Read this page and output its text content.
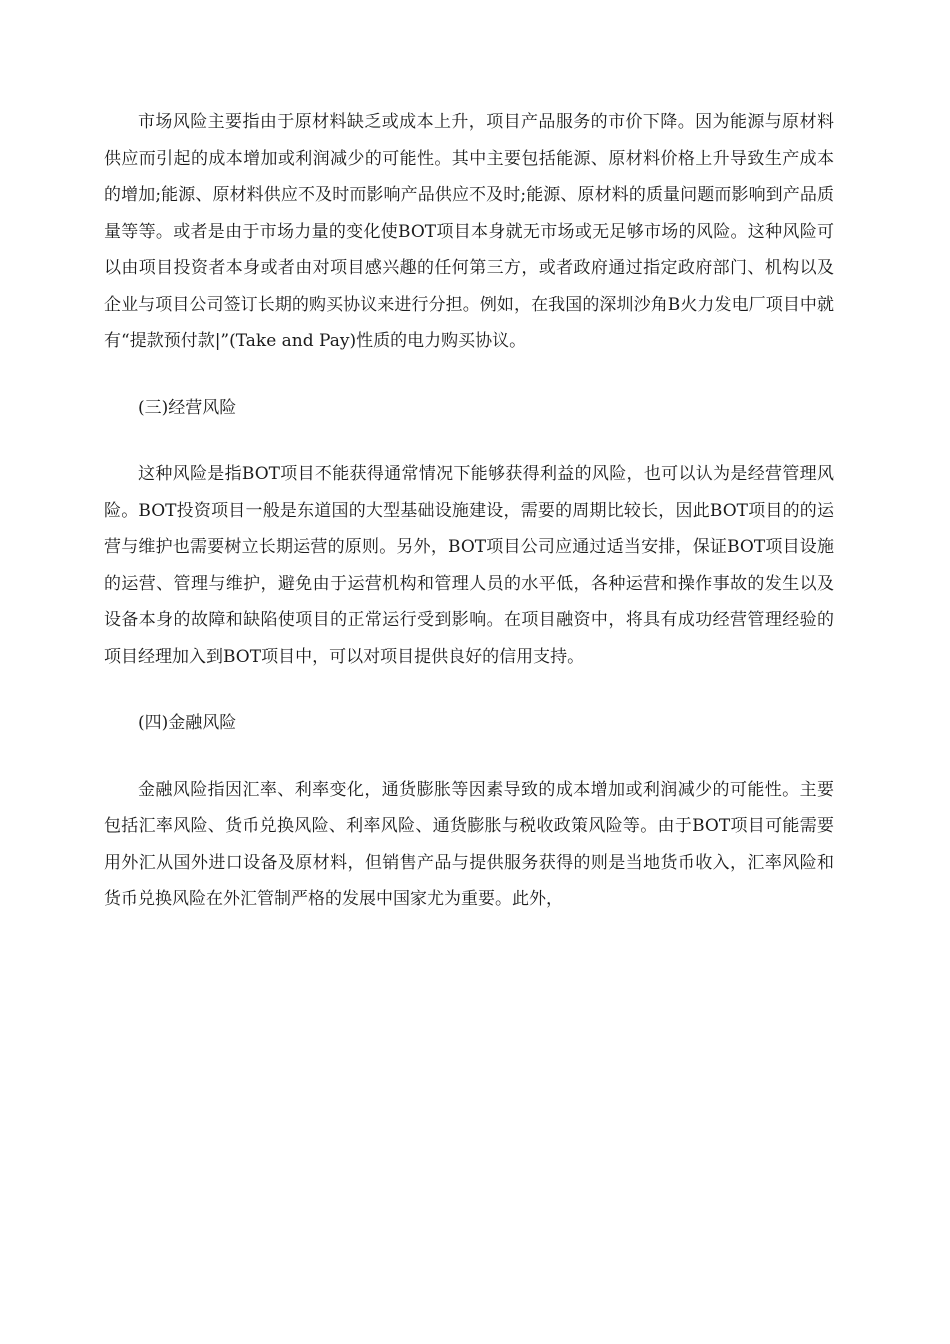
市场风险主要指由于原材料缺乏或成本上升，项目产品服务的市价下降。因为能源与原材料供应而引起的成本增加或利润减少的可能性。其中主要包括能源、原材料价格上升导致生产成本的增加;能源、原材料供应不及时而影响产品供应不及时;能源、原材料的质量问题而影响到产品质量等等。或者是由于市场力量的变化使BOT项目本身就无市场或无足够市场的风险。这种风险可以由项目投资者本身或者由对项目感兴趣的任何第三方，或者政府通过指定政府部门、机构以及企业与项目公司签订长期的购买协议来进行分担。例如，在我国的深圳沙角B火力发电厂项目中就有“提款预付款|”(Take and Pay)性质的电力购买协议。

(三)经营风险

这种风险是指BOT项目不能获得通常情况下能够获得利益的风险，也可以认为是经营管理风险。BOT投资项目一般是东道国的大型基础设施建设，需要的周期比较长，因此BOT项目的的运营与维护也需要树立长期运营的原则。另外，BOT项目公司应通过适当安排，保证BOT项目设施的运营、管理与维护，避免由于运营机构和管理人员的水平低，各种运营和操作事故的发生以及设备本身的故障和缺陷使项目的正常运行受到影响。在项目融资中，将具有成功经营管理经验的项目经理加入到BOT项目中，可以对项目提供良好的信用支持。

(四)金融风险

金融风险指因汇率、利率变化，通货膨胀等因素导致的成本增加或利润减少的可能性。主要包括汇率风险、货币兑换风险、利率风险、通货膨胀与税收政策风险等。由于BOT项目可能需要用外汇从国外进口设备及原材料，但销售产品与提供服务获得的则是当地货币收入，汇率风险和货币兑换风险在外汇管制严格的发展中国家尤为重要。此外，
